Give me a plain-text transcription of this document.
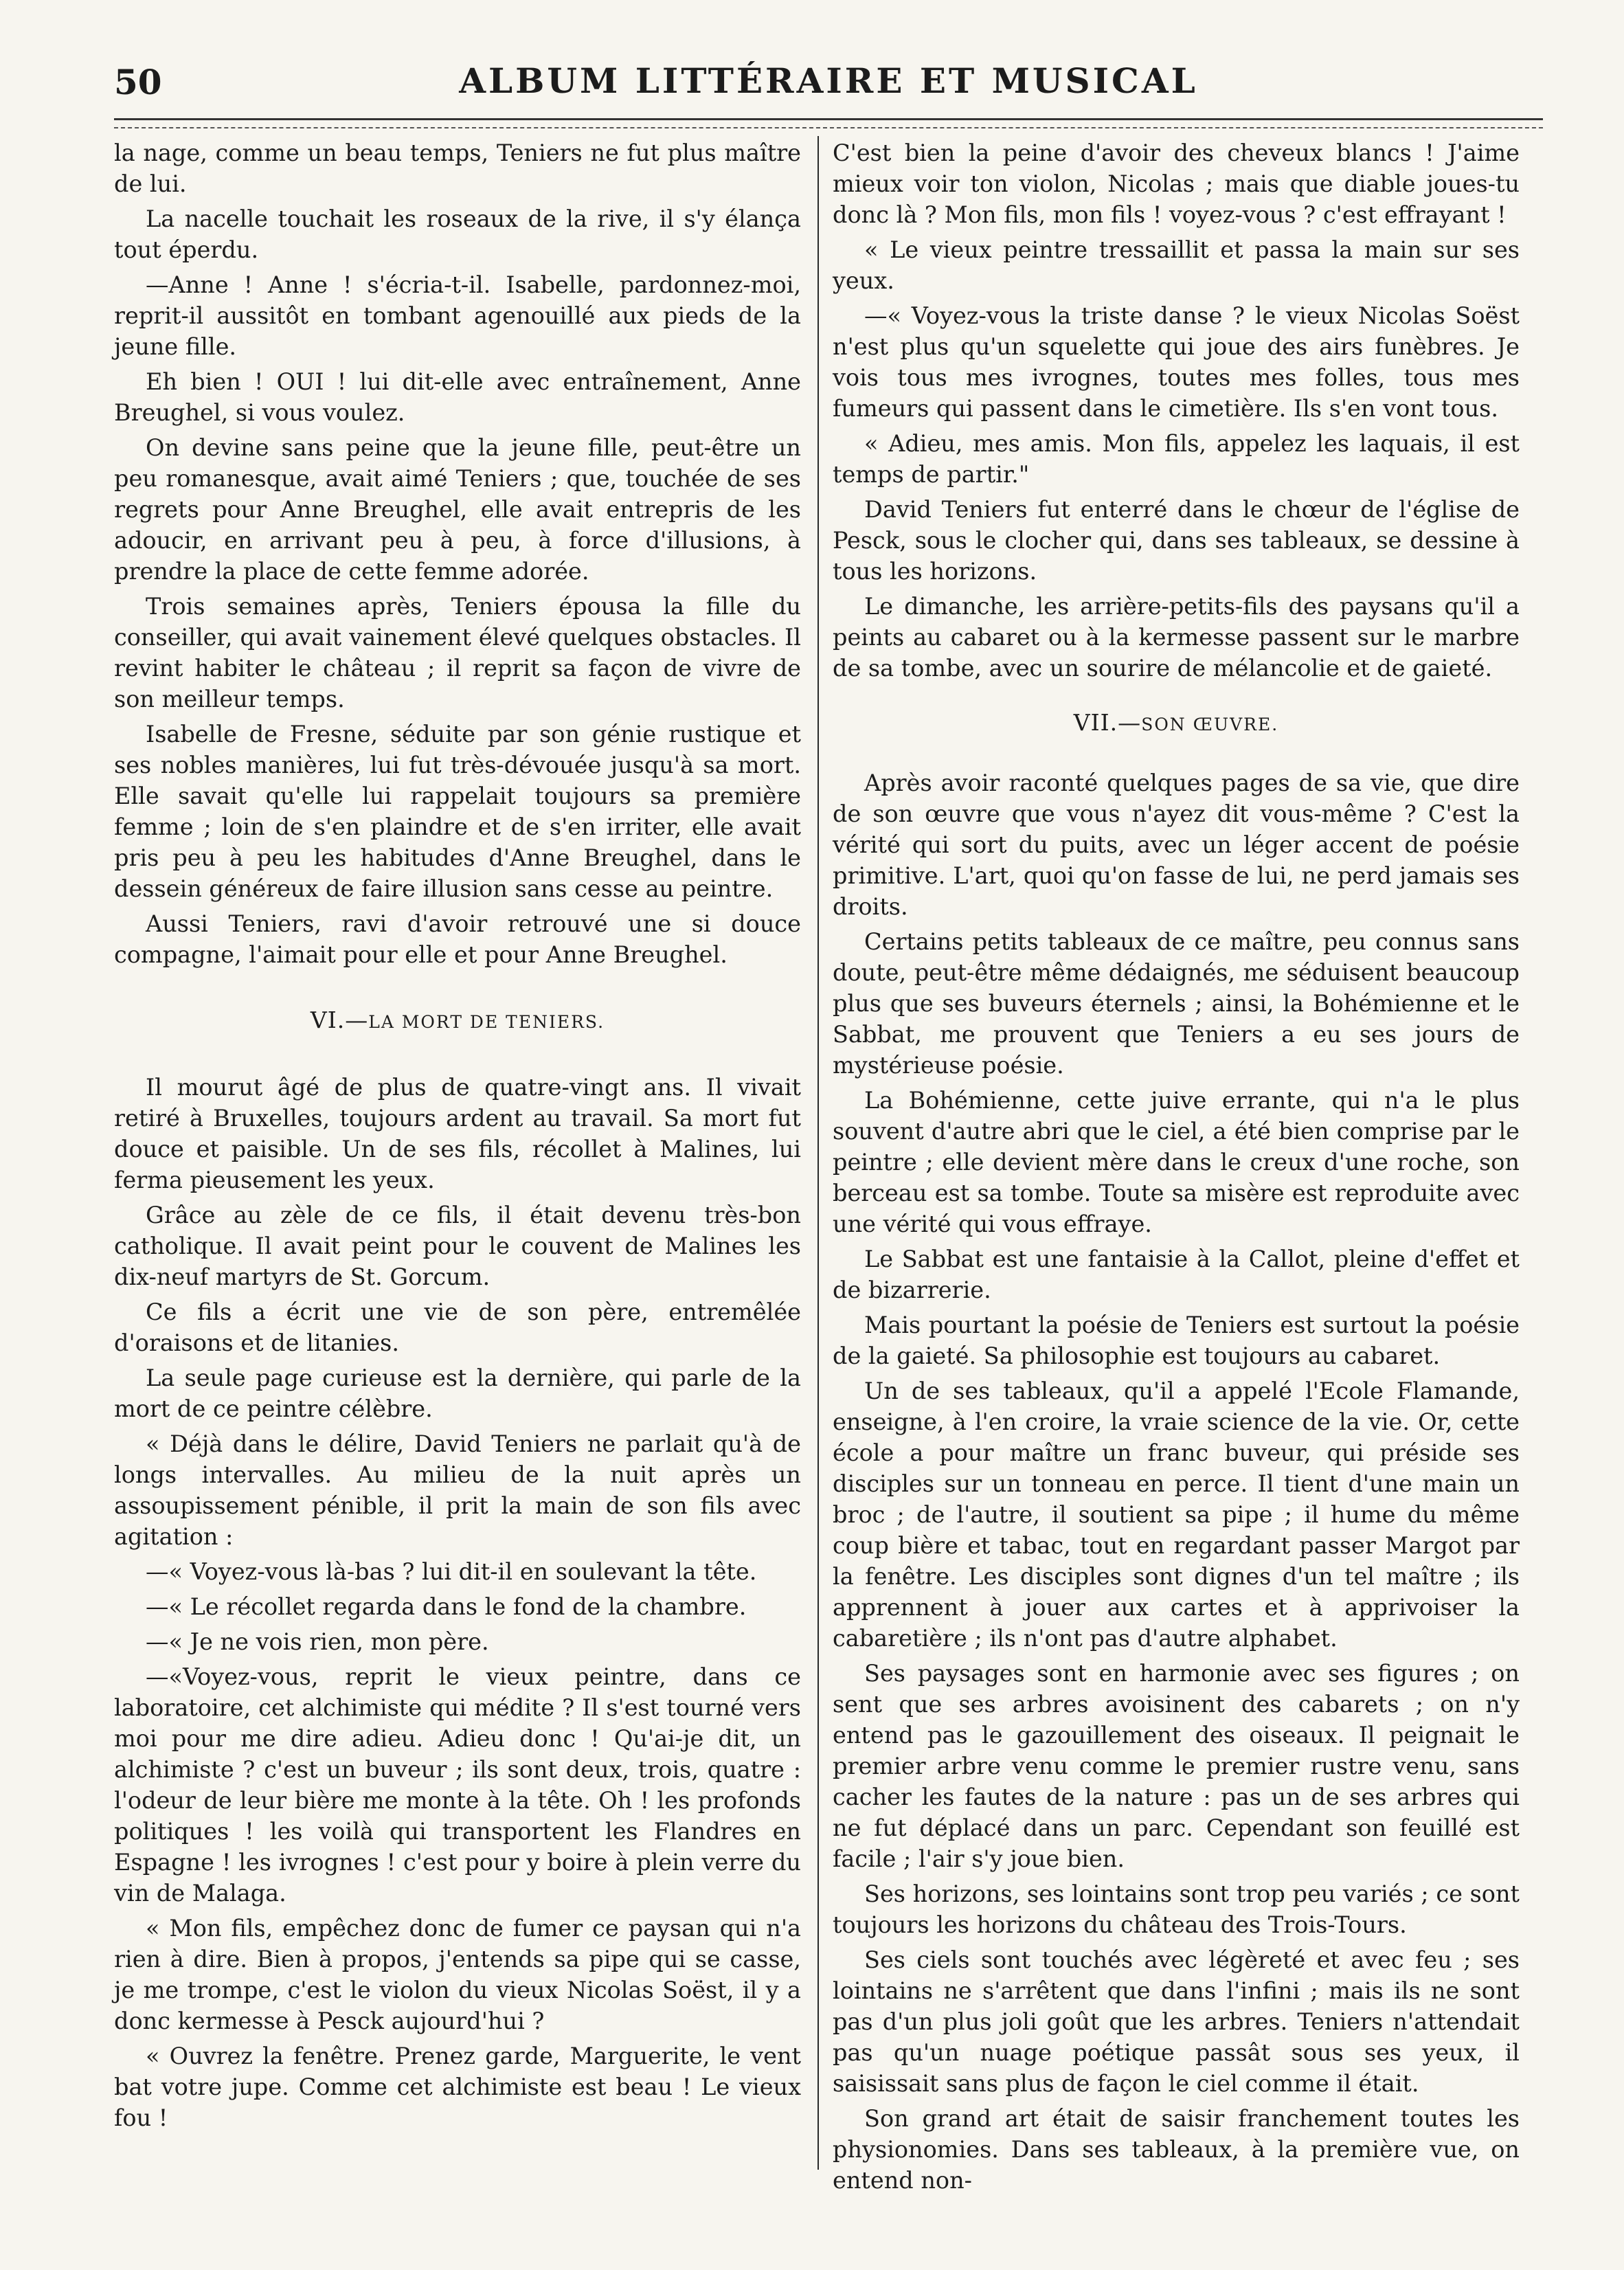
50	ALBUM LITTÉRAIRE ET MUSICAL

la nage, comme un beau temps, Teniers ne fut plus maître de lui.

La nacelle touchait les roseaux de la rive, il s'y élança tout éperdu.

—Anne ! Anne ! s'écria-t-il. Isabelle, pardonnez-moi, reprit-il aussitôt en tombant agenouillé aux pieds de la jeune fille.

Eh bien ! OUI ! lui dit-elle avec entraînement, Anne Breughel, si vous voulez.

On devine sans peine que la jeune fille, peut-être un peu romanesque, avait aimé Teniers ; que, touchée de ses regrets pour Anne Breughel, elle avait entrepris de les adoucir, en arrivant peu à peu, à force d'illusions, à prendre la place de cette femme adorée.

Trois semaines après, Teniers épousa la fille du conseiller, qui avait vainement élevé quelques obstacles. Il revint habiter le château ; il reprit sa façon de vivre de son meilleur temps.

Isabelle de Fresne, séduite par son génie rustique et ses nobles manières, lui fut très-dévouée jusqu'à sa mort. Elle savait qu'elle lui rappelait toujours sa première femme ; loin de s'en plaindre et de s'en irriter, elle avait pris peu à peu les habitudes d'Anne Breughel, dans le dessein généreux de faire illusion sans cesse au peintre.

Aussi Teniers, ravi d'avoir retrouvé une si douce compagne, l'aimait pour elle et pour Anne Breughel.

VI.—LA MORT DE TENIERS.

Il mourut âgé de plus de quatre-vingt ans. Il vivait retiré à Bruxelles, toujours ardent au travail. Sa mort fut douce et paisible. Un de ses fils, récollet à Malines, lui ferma pieusement les yeux.

Grâce au zèle de ce fils, il était devenu très-bon catholique. Il avait peint pour le couvent de Malines les dix-neuf martyrs de St. Gorcum.

Ce fils a écrit une vie de son père, entremêlée d'oraisons et de litanies.

La seule page curieuse est la dernière, qui parle de la mort de ce peintre célèbre.

« Déjà dans le délire, David Teniers ne parlait qu'à de longs intervalles. Au milieu de la nuit après un assoupissement pénible, il prit la main de son fils avec agitation :

—« Voyez-vous là-bas ? lui dit-il en soulevant la tête.

—« Le récollet regarda dans le fond de la chambre.

—« Je ne vois rien, mon père.

—«Voyez-vous, reprit le vieux peintre, dans ce laboratoire, cet alchimiste qui médite ? Il s'est tourné vers moi pour me dire adieu. Adieu donc ! Qu'ai-je dit, un alchimiste ? c'est un buveur ; ils sont deux, trois, quatre : l'odeur de leur bière me monte à la tête. Oh ! les profonds politiques ! les voilà qui transportent les Flandres en Espagne ! les ivrognes ! c'est pour y boire à plein verre du vin de Malaga.

« Mon fils, empêchez donc de fumer ce paysan qui n'a rien à dire. Bien à propos, j'entends sa pipe qui se casse, je me trompe, c'est le violon du vieux Nicolas Soëst, il y a donc kermesse à Pesck aujourd'hui ?

« Ouvrez la fenêtre. Prenez garde, Marguerite, le vent bat votre jupe. Comme cet alchimiste est beau ! Le vieux fou !

C'est bien la peine d'avoir des cheveux blancs ! J'aime mieux voir ton violon, Nicolas ; mais que diable joues-tu donc là ? Mon fils, mon fils ! voyez-vous ? c'est effrayant !

« Le vieux peintre tressaillit et passa la main sur ses yeux.

—« Voyez-vous la triste danse ? le vieux Nicolas Soëst n'est plus qu'un squelette qui joue des airs funèbres. Je vois tous mes ivrognes, toutes mes folles, tous mes fumeurs qui passent dans le cimetière. Ils s'en vont tous.

« Adieu, mes amis. Mon fils, appelez les laquais, il est temps de partir."

David Teniers fut enterré dans le chœur de l'église de Pesck, sous le clocher qui, dans ses tableaux, se dessine à tous les horizons.

Le dimanche, les arrière-petits-fils des paysans qu'il a peints au cabaret ou à la kermesse passent sur le marbre de sa tombe, avec un sourire de mélancolie et de gaieté.

VII.—SON ŒUVRE.

Après avoir raconté quelques pages de sa vie, que dire de son œuvre que vous n'ayez dit vous-même ? C'est la vérité qui sort du puits, avec un léger accent de poésie primitive. L'art, quoi qu'on fasse de lui, ne perd jamais ses droits.

Certains petits tableaux de ce maître, peu connus sans doute, peut-être même dédaignés, me séduisent beaucoup plus que ses buveurs éternels ; ainsi, la Bohémienne et le Sabbat, me prouvent que Teniers a eu ses jours de mystérieuse poésie.

La Bohémienne, cette juive errante, qui n'a le plus souvent d'autre abri que le ciel, a été bien comprise par le peintre ; elle devient mère dans le creux d'une roche, son berceau est sa tombe. Toute sa misère est reproduite avec une vérité qui vous effraye.

Le Sabbat est une fantaisie à la Callot, pleine d'effet et de bizarrerie.

Mais pourtant la poésie de Teniers est surtout la poésie de la gaieté. Sa philosophie est toujours au cabaret.

Un de ses tableaux, qu'il a appelé l'Ecole Flamande, enseigne, à l'en croire, la vraie science de la vie. Or, cette école a pour maître un franc buveur, qui préside ses disciples sur un tonneau en perce. Il tient d'une main un broc ; de l'autre, il soutient sa pipe ; il hume du même coup bière et tabac, tout en regardant passer Margot par la fenêtre. Les disciples sont dignes d'un tel maître ; ils apprennent à jouer aux cartes et à apprivoiser la cabaretière ; ils n'ont pas d'autre alphabet.

Ses paysages sont en harmonie avec ses figures ; on sent que ses arbres avoisinent des cabarets ; on n'y entend pas le gazouillement des oiseaux. Il peignait le premier arbre venu comme le premier rustre venu, sans cacher les fautes de la nature : pas un de ses arbres qui ne fut déplacé dans un parc. Cependant son feuillé est facile ; l'air s'y joue bien.

Ses horizons, ses lointains sont trop peu variés ; ce sont toujours les horizons du château des Trois-Tours.

Ses ciels sont touchés avec légèreté et avec feu ; ses lointains ne s'arrêtent que dans l'infini ; mais ils ne sont pas d'un plus joli goût que les arbres. Teniers n'attendait pas qu'un nuage poétique passât sous ses yeux, il saisissait sans plus de façon le ciel comme il était.

Son grand art était de saisir franchement toutes les physionomies. Dans ses tableaux, à la première vue, on entend non-
